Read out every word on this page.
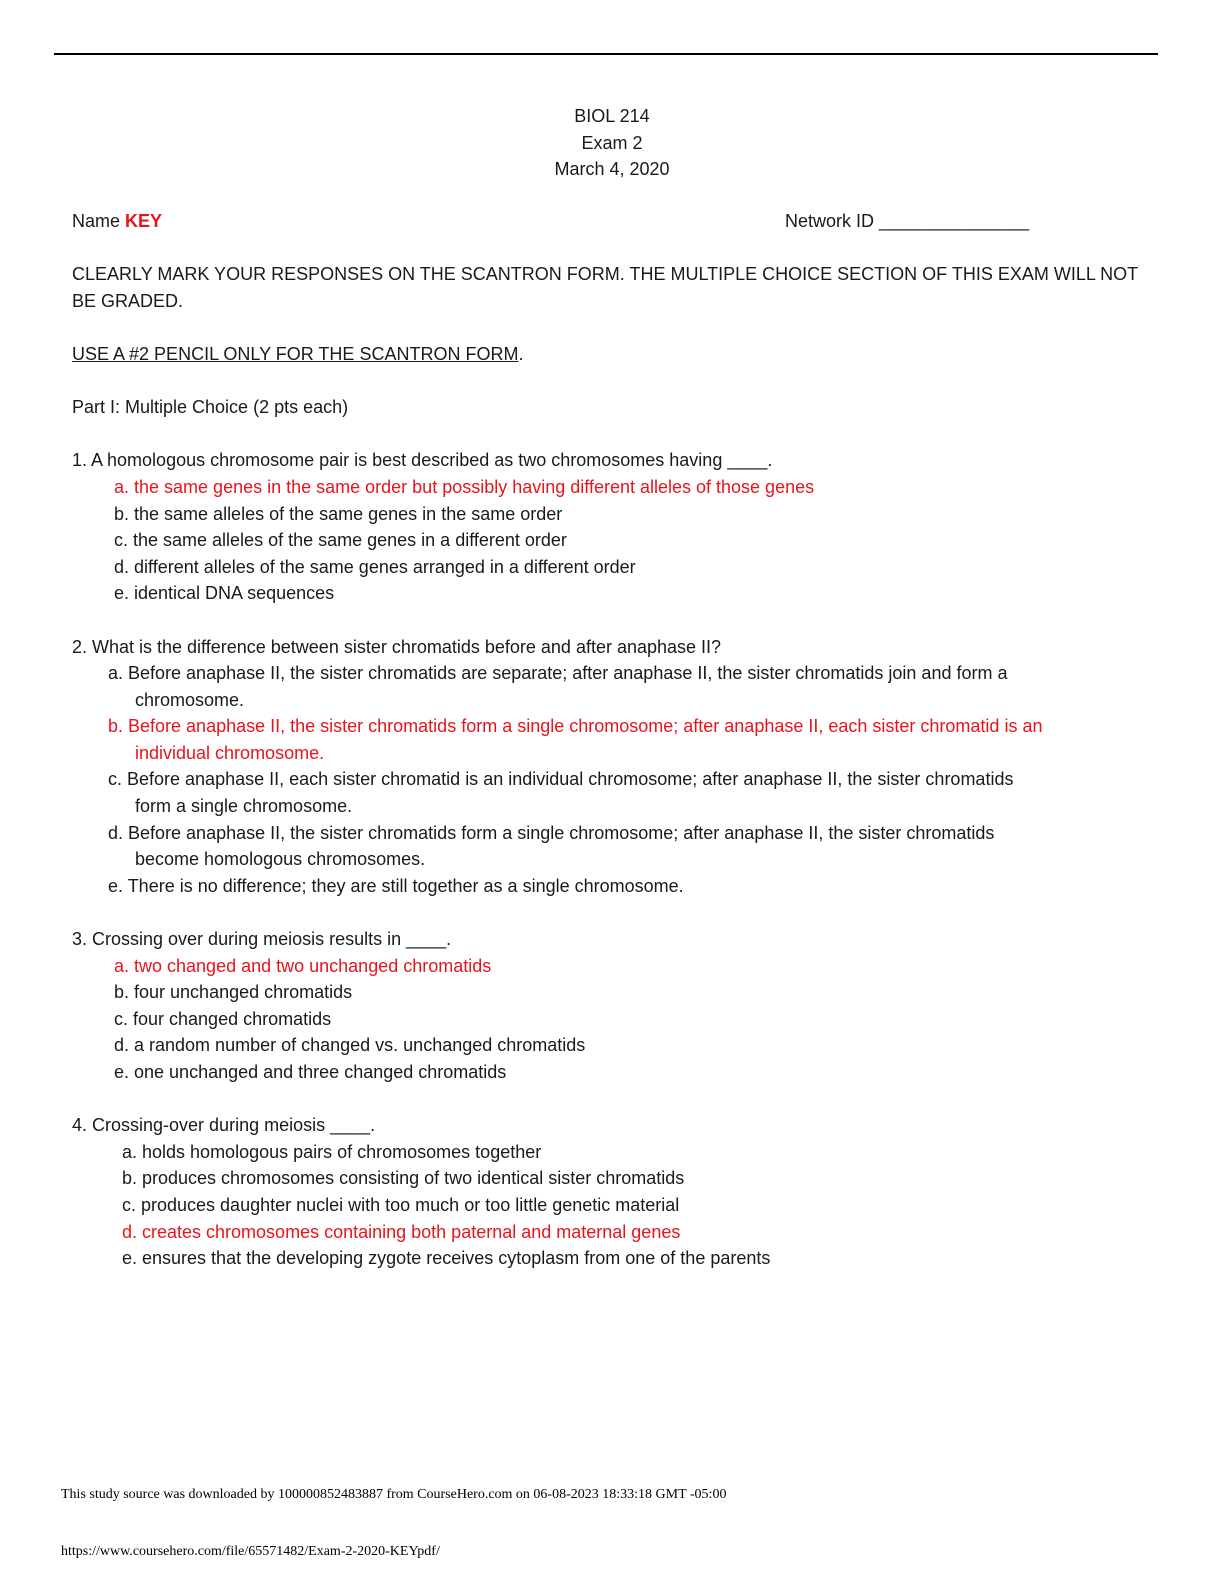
BIOL 214
Exam 2
March 4, 2020
Name KEY	Network ID _______________
CLEARLY MARK YOUR RESPONSES ON THE SCANTRON FORM. THE MULTIPLE CHOICE SECTION OF THIS EXAM WILL NOT BE GRADED.
USE A #2 PENCIL ONLY FOR THE SCANTRON FORM.
Part I: Multiple Choice (2 pts each)
1. A homologous chromosome pair is best described as two chromosomes having ____.
a. the same genes in the same order but possibly having different alleles of those genes
b. the same alleles of the same genes in the same order
c. the same alleles of the same genes in a different order
d. different alleles of the same genes arranged in a different order
e. identical DNA sequences
2. What is the difference between sister chromatids before and after anaphase II?
a. Before anaphase II, the sister chromatids are separate; after anaphase II, the sister chromatids join and form a
chromosome.
b. Before anaphase II, the sister chromatids form a single chromosome; after anaphase II, each sister chromatid is an
individual chromosome.
c. Before anaphase II, each sister chromatid is an individual chromosome; after anaphase II, the sister chromatids
form a single chromosome.
d. Before anaphase II, the sister chromatids form a single chromosome; after anaphase II, the sister chromatids
become homologous chromosomes.
e. There is no difference; they are still together as a single chromosome.
3. Crossing over during meiosis results in ____.
a. two changed and two unchanged chromatids
b. four unchanged chromatids
c. four changed chromatids
d. a random number of changed vs. unchanged chromatids
e. one unchanged and three changed chromatids
4. Crossing-over during meiosis ____.
a. holds homologous pairs of chromosomes together
b. produces chromosomes consisting of two identical sister chromatids
c. produces daughter nuclei with too much or too little genetic material
d. creates chromosomes containing both paternal and maternal genes
e. ensures that the developing zygote receives cytoplasm from one of the parents
This study source was downloaded by 100000852483887 from CourseHero.com on 06-08-2023 18:33:18 GMT -05:00
https://www.coursehero.com/file/65571482/Exam-2-2020-KEYpdf/
